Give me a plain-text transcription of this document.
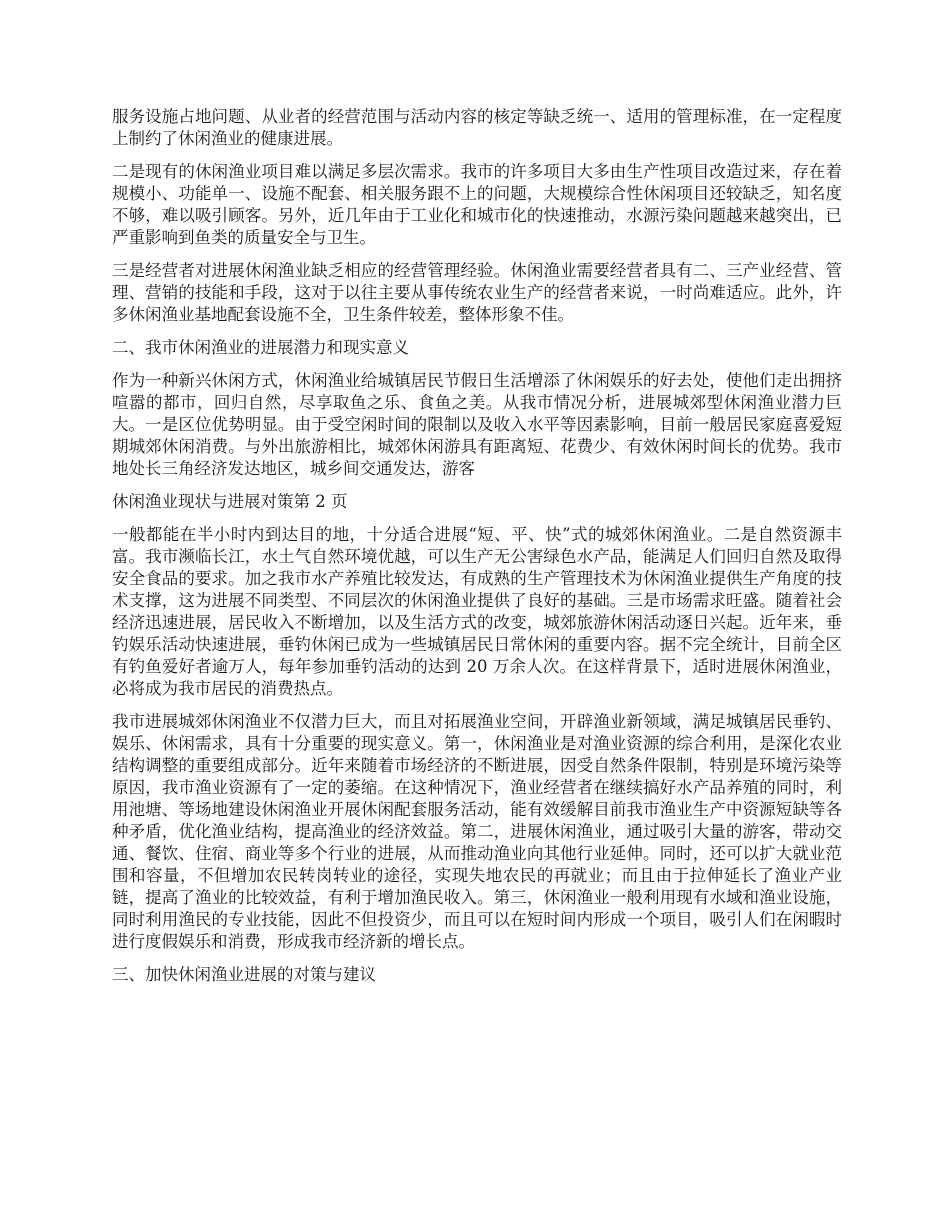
服务设施占地问题、从业者的经营范围与活动内容的核定等缺乏统一、适用的管理标准，在一定程度上制约了休闲渔业的健康进展。

二是现有的休闲渔业项目难以满足多层次需求。我市的许多项目大多由生产性项目改造过来，存在着规模小、功能单一、设施不配套、相关服务跟不上的问题，大规模综合性休闲项目还较缺乏，知名度不够，难以吸引顾客。另外，近几年由于工业化和城市化的快速推动，水源污染问题越来越突出，已严重影响到鱼类的质量安全与卫生。

三是经营者对进展休闲渔业缺乏相应的经营管理经验。休闲渔业需要经营者具有二、三产业经营、管理、营销的技能和手段，这对于以往主要从事传统农业生产的经营者来说，一时尚难适应。此外，许多休闲渔业基地配套设施不全，卫生条件较差，整体形象不佳。

二、我市休闲渔业的进展潜力和现实意义

作为一种新兴休闲方式，休闲渔业给城镇居民节假日生活增添了休闲娱乐的好去处，使他们走出拥挤喧嚣的都市，回归自然，尽享取鱼之乐、食鱼之美。从我市情况分析，进展城郊型休闲渔业潜力巨大。一是区位优势明显。由于受空闲时间的限制以及收入水平等因素影响，目前一般居民家庭喜爱短期城郊休闲消费。与外出旅游相比，城郊休闲游具有距离短、花费少、有效休闲时间长的优势。我市地处长三角经济发达地区，城乡间交通发达，游客

休闲渔业现状与进展对策第 2 页

一般都能在半小时内到达目的地，十分适合进展“短、平、快”式的城郊休闲渔业。二是自然资源丰富。我市濒临长江，水土气自然环境优越，可以生产无公害绿色水产品，能满足人们回归自然及取得安全食品的要求。加之我市水产养殖比较发达，有成熟的生产管理技术为休闲渔业提供生产角度的技术支撑，这为进展不同类型、不同层次的休闲渔业提供了良好的基础。三是市场需求旺盛。随着社会经济迅速进展，居民收入不断增加，以及生活方式的改变，城郊旅游休闲活动逐日兴起。近年来，垂钓娱乐活动快速进展，垂钓休闲已成为一些城镇居民日常休闲的重要内容。据不完全统计，目前全区有钓鱼爱好者逾万人，每年参加垂钓活动的达到 20 万余人次。在这样背景下，适时进展休闲渔业，必将成为我市居民的消费热点。

我市进展城郊休闲渔业不仅潜力巨大，而且对拓展渔业空间，开辟渔业新领域，满足城镇居民垂钓、娱乐、休闲需求，具有十分重要的现实意义。第一，休闲渔业是对渔业资源的综合利用，是深化农业结构调整的重要组成部分。近年来随着市场经济的不断进展，因受自然条件限制，特别是环境污染等原因，我市渔业资源有了一定的萎缩。在这种情况下，渔业经营者在继续搞好水产品养殖的同时，利用池塘、等场地建设休闲渔业开展休闲配套服务活动，能有效缓解目前我市渔业生产中资源短缺等各种矛盾，优化渔业结构，提高渔业的经济效益。第二，进展休闲渔业，通过吸引大量的游客，带动交通、餐饮、住宿、商业等多个行业的进展，从而推动渔业向其他行业延伸。同时，还可以扩大就业范围和容量，不但增加农民转岗转业的途径，实现失地农民的再就业；而且由于拉伸延长了渔业产业链，提高了渔业的比较效益，有利于增加渔民收入。第三，休闲渔业一般利用现有水域和渔业设施，同时利用渔民的专业技能，因此不但投资少，而且可以在短时间内形成一个项目，吸引人们在闲暇时进行度假娱乐和消费，形成我市经济新的增长点。

三、加快休闲渔业进展的对策与建议
